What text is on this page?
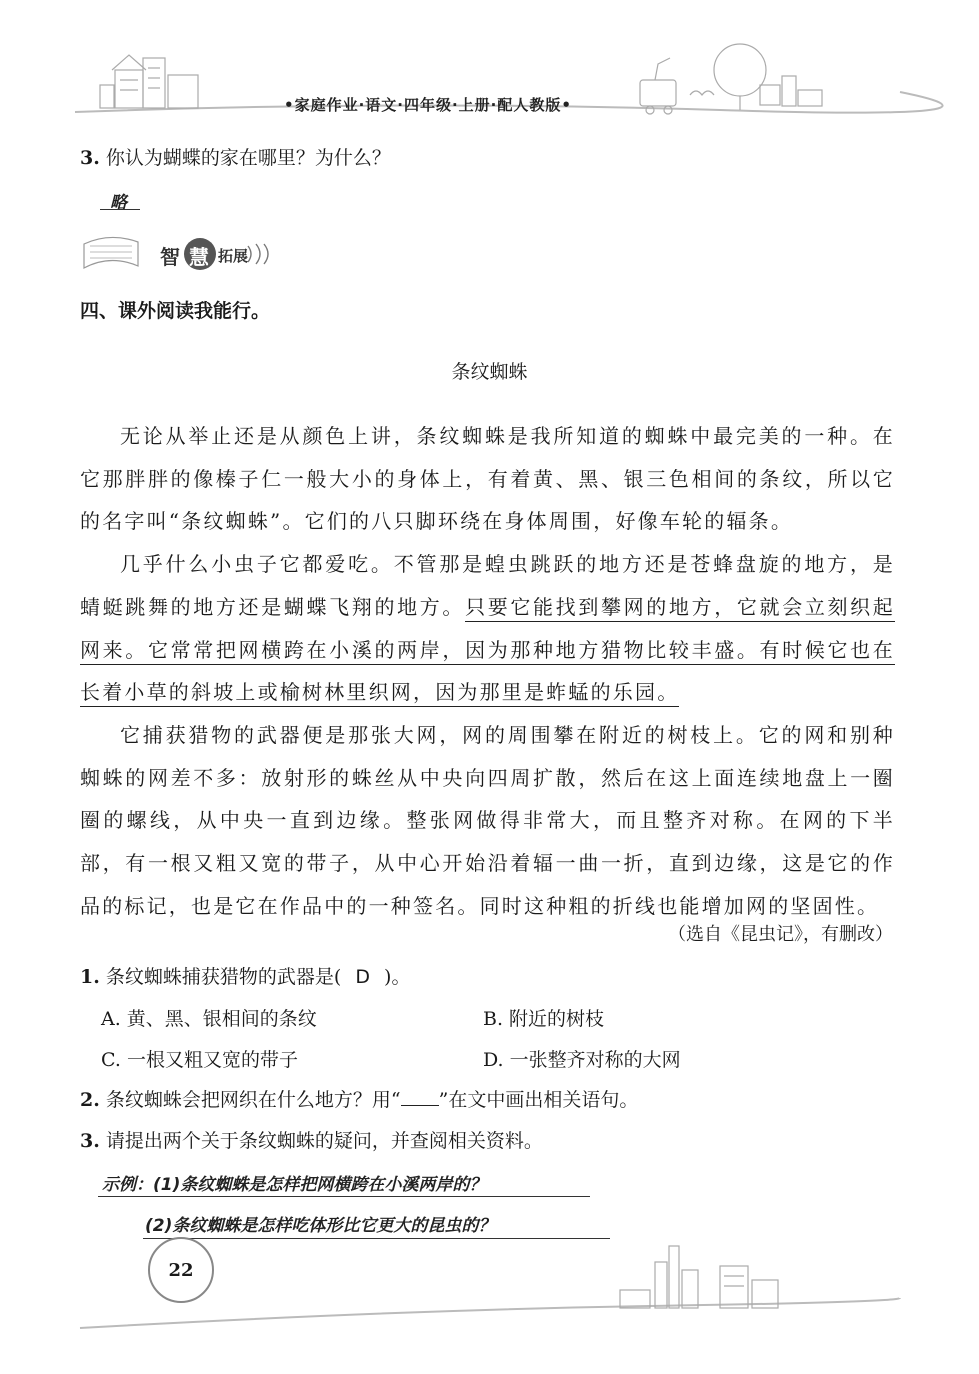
•家庭作业·语文·四年级·上册·配人教版•
3. 你认为蝴蝶的家在哪里？为什么？
略
智 慧 拓展
四、课外阅读我能行。
条纹蜘蛛

无论从举止还是从颜色上讲，条纹蜘蛛是我所知道的蜘蛛中最完美的一种。在它那胖胖的像榛子仁一般大小的身体上，有着黄、黑、银三色相间的条纹，所以它的名字叫“条纹蜘蛛”。它们的八只脚环绕在身体周围，好像车轮的辐条。

几乎什么小虫子它都爱吃。不管那是蝗虫跳跃的地方还是苍蜂盘旋的地方，是蜻蜓跳舞的地方还是蝴蝶飞翔的地方。只要它能找到攀网的地方，它就会立刻织起网来。它常常把网横跨在小溪的两岸，因为那种地方猎物比较丰盛。有时候它也在长着小草的斜坡上或榆树林里织网，因为那里是蚱蜢的乐园。

它捕获猎物的武器便是那张大网，网的周围攀在附近的树枝上。它的网和别种蜘蛛的网差不多：放射形的蛛丝从中央向四周扩散，然后在这上面连续地盘上一圈圈的螺线，从中央一直到边缘。整张网做得非常大，而且整齐对称。在网的下半部，有一根又粗又宽的带子，从中心开始沿着辐一曲一折，直到边缘，这是它的作品的标记，也是它在作品中的一种签名。同时这种粗的折线也能增加网的坚固性。

（选自《昆虫记》，有删改）
1. 条纹蜘蛛捕获猎物的武器是( D )。
A. 黄、黑、银相间的条纹	B. 附近的树枝
C. 一根又粗又宽的带子	D. 一张整齐对称的大网
2. 条纹蜘蛛会把网织在什么地方？用“ ”在文中画出相关语句。
3. 请提出两个关于条纹蜘蛛的疑问，并查阅相关资料。
示例：(1)条纹蜘蛛是怎样把网横跨在小溪两岸的？
(2)条纹蜘蛛是怎样吃体形比它更大的昆虫的？
22
